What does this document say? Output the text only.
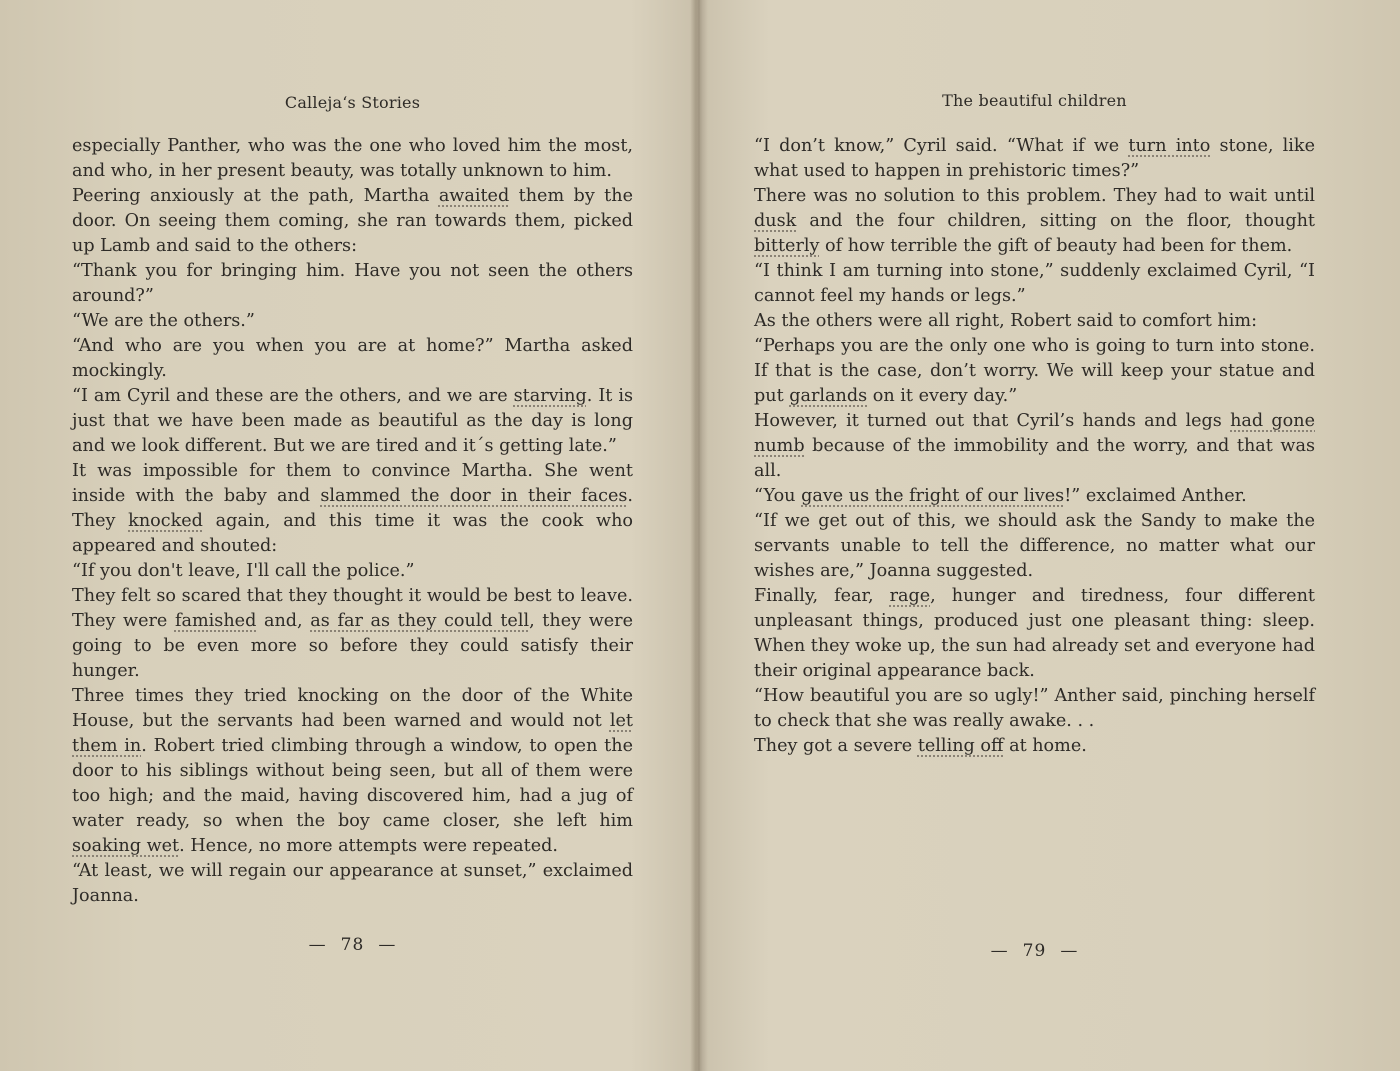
Calleja‘s Stories

especially Panther, who was the one who loved him the most, and who, in her present beauty, was totally unknown to him.

Peering anxiously at the path, Martha awaited them by the door. On seeing them coming, she ran towards them, picked up Lamb and said to the others:

“Thank you for bringing him. Have you not seen the others around?”

“We are the others.”

“And who are you when you are at home?” Martha asked mockingly.

“I am Cyril and these are the others, and we are starving. It is just that we have been made as beautiful as the day is long and we look different. But we are tired and it´s getting late.”

It was impossible for them to convince Martha. She went inside with the baby and slammed the door in their faces. They knocked again, and this time it was the cook who appeared and shouted:

“If you don't leave, I'll call the police.”

They felt so scared that they thought it would be best to leave. They were famished and, as far as they could tell, they were going to be even more so before they could satisfy their hunger.

Three times they tried knocking on the door of the White House, but the servants had been warned and would not let them in. Robert tried climbing through a window, to open the door to his siblings without being seen, but all of them were too high; and the maid, having discovered him, had a jug of water ready, so when the boy came closer, she left him soaking wet. Hence, no more attempts were repeated.

“At least, we will regain our appearance at sunset,” exclaimed Joanna.

— 78 —
The beautiful children

“I don’t know,” Cyril said. “What if we turn into stone, like what used to happen in prehistoric times?”

There was no solution to this problem. They had to wait until dusk and the four children, sitting on the floor, thought bitterly of how terrible the gift of beauty had been for them.

“I think I am turning into stone,” suddenly exclaimed Cyril, “I cannot feel my hands or legs.”

As the others were all right, Robert said to comfort him:

“Perhaps you are the only one who is going to turn into stone. If that is the case, don’t worry. We will keep your statue and put garlands on it every day.”

However, it turned out that Cyril’s hands and legs had gone numb because of the immobility and the worry, and that was all.

“You gave us the fright of our lives!” exclaimed Anther.

“If we get out of this, we should ask the Sandy to make the servants unable to tell the difference, no matter what our wishes are,” Joanna suggested.

Finally, fear, rage, hunger and tiredness, four different unpleasant things, produced just one pleasant thing: sleep. When they woke up, the sun had already set and everyone had their original appearance back.

“How beautiful you are so ugly!” Anther said, pinching herself to check that she was really awake. . .

They got a severe telling off at home.

— 79 —
